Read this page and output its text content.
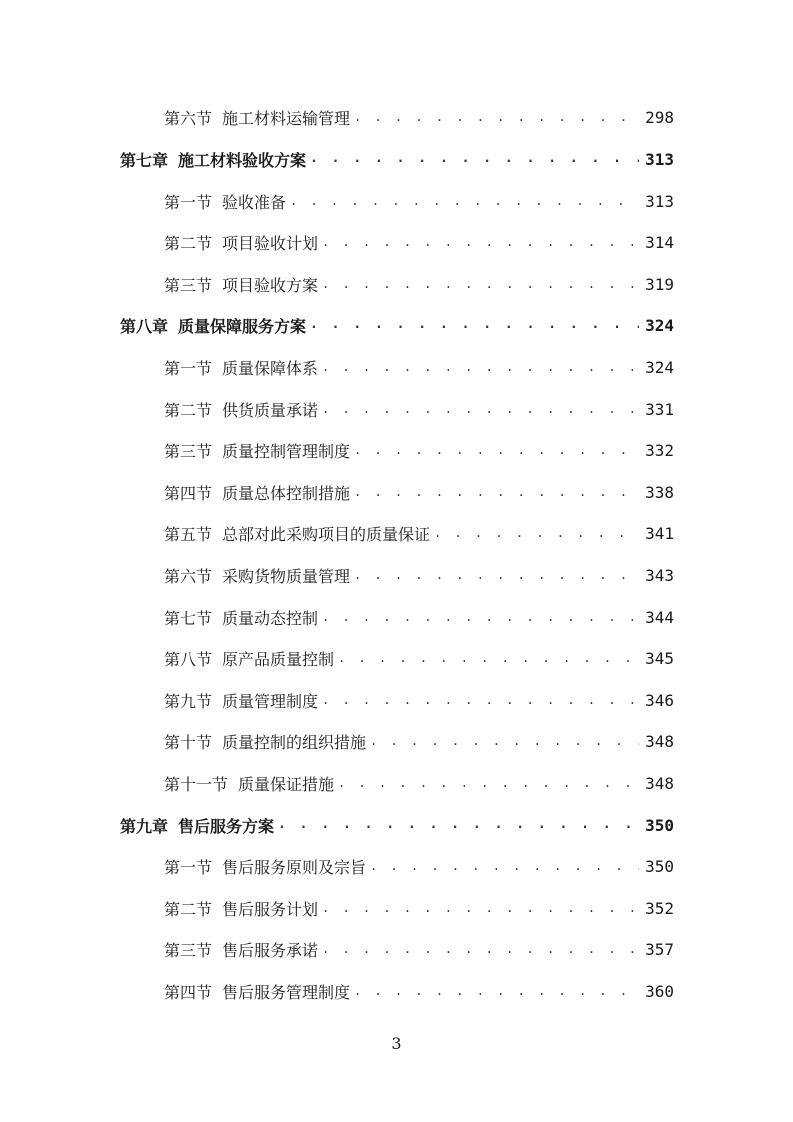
第六节 施工材料运输管理 . . .	298
第七章 施工材料验收方案 . . .	313
第一节 验收准备 . . .	313
第二节 项目验收计划 . . .	314
第三节 项目验收方案 . . .	319
第八章 质量保障服务方案 . . .	324
第一节 质量保障体系 . . .	324
第二节 供货质量承诺 . . .	331
第三节 质量控制管理制度 . . .	332
第四节 质量总体控制措施 . . .	338
第五节 总部对此采购项目的质量保证 . . .	341
第六节 采购货物质量管理 . . .	343
第七节 质量动态控制 . . .	344
第八节 原产品质量控制 . . .	345
第九节 质量管理制度 . . .	346
第十节 质量控制的组织措施 . . .	348
第十一节 质量保证措施 . . .	348
第九章 售后服务方案 . . .	350
第一节 售后服务原则及宗旨 . . .	350
第二节 售后服务计划 . . .	352
第三节 售后服务承诺 . . .	357
第四节 售后服务管理制度 . . .	360
3
